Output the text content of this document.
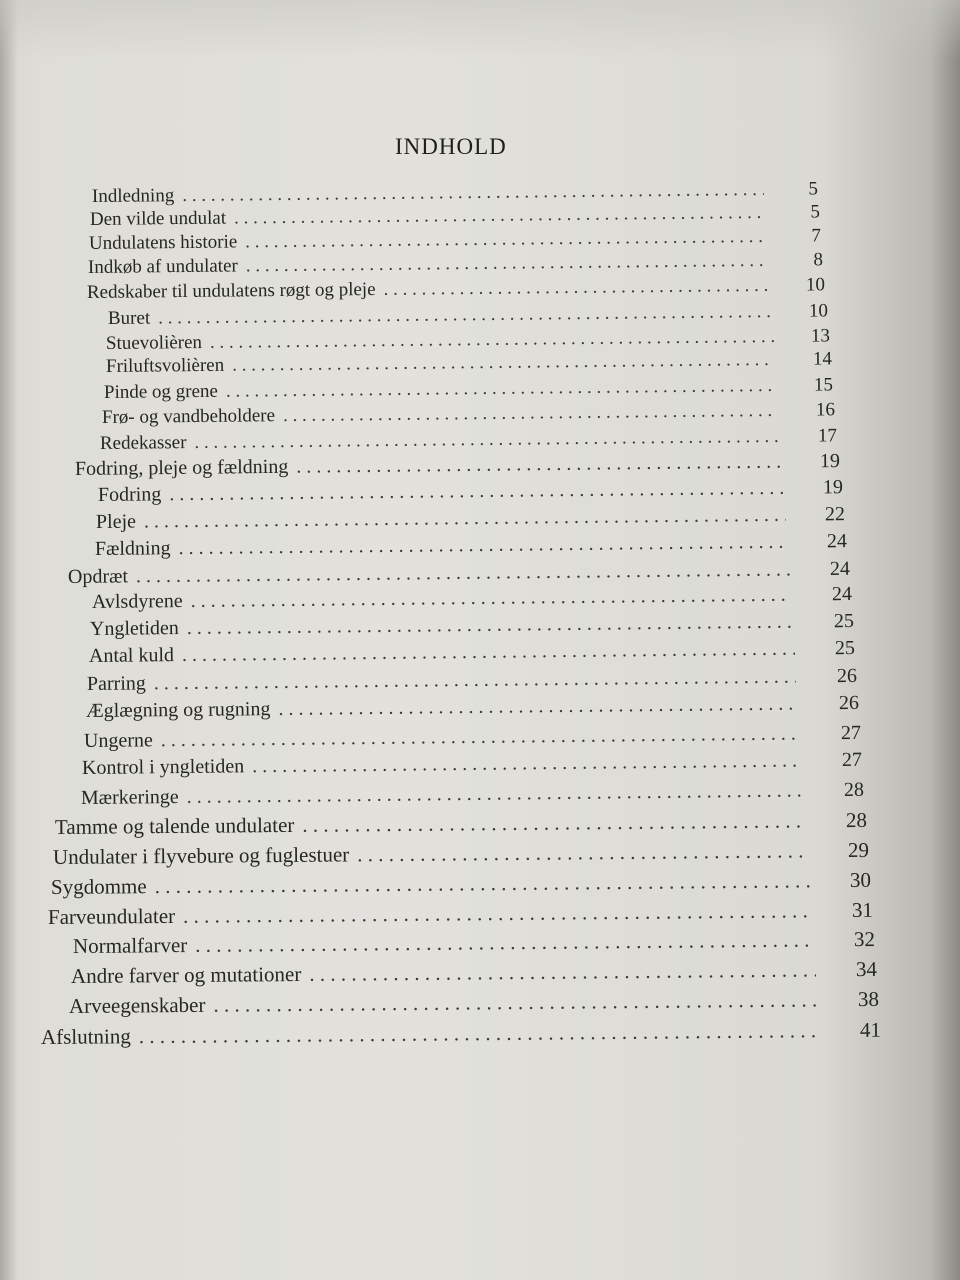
INDHOLD
Indledning . . .	5
Den vilde undulat . . .	5
Undulatens historie . . .	7
Indkøb af undulater . . .	8
Redskaber til undulatens røgt og pleje . . .	10
Buret . . .	10
Stuevolièren . . .	13
Friluftsvolièren . . .	14
Pinde og grene . . .	15
Frø- og vandbeholdere . . .	16
Redekasser . . .	17
Fodring, pleje og fældning . . .	19
Fodring . . .	19
Pleje . . .	22
Fældning . . .	24
Opdræt . . .	24
Avlsdyrene . . .	24
Yngletiden . . .	25
Antal kuld . . .	25
Parring . . .	26
Æglægning og rugning . . .	26
Ungerne . . .	27
Kontrol i yngletiden . . .	27
Mærkeringe . . .	28
Tamme og talende undulater . . .	28
Undulater i flyvebure og fuglestuer . . .	29
Sygdomme . . .	30
Farveundulater . . .	31
Normalfarver . . .	32
Andre farver og mutationer . . .	34
Arveegenskaber . . .	38
Afslutning . . .	41
